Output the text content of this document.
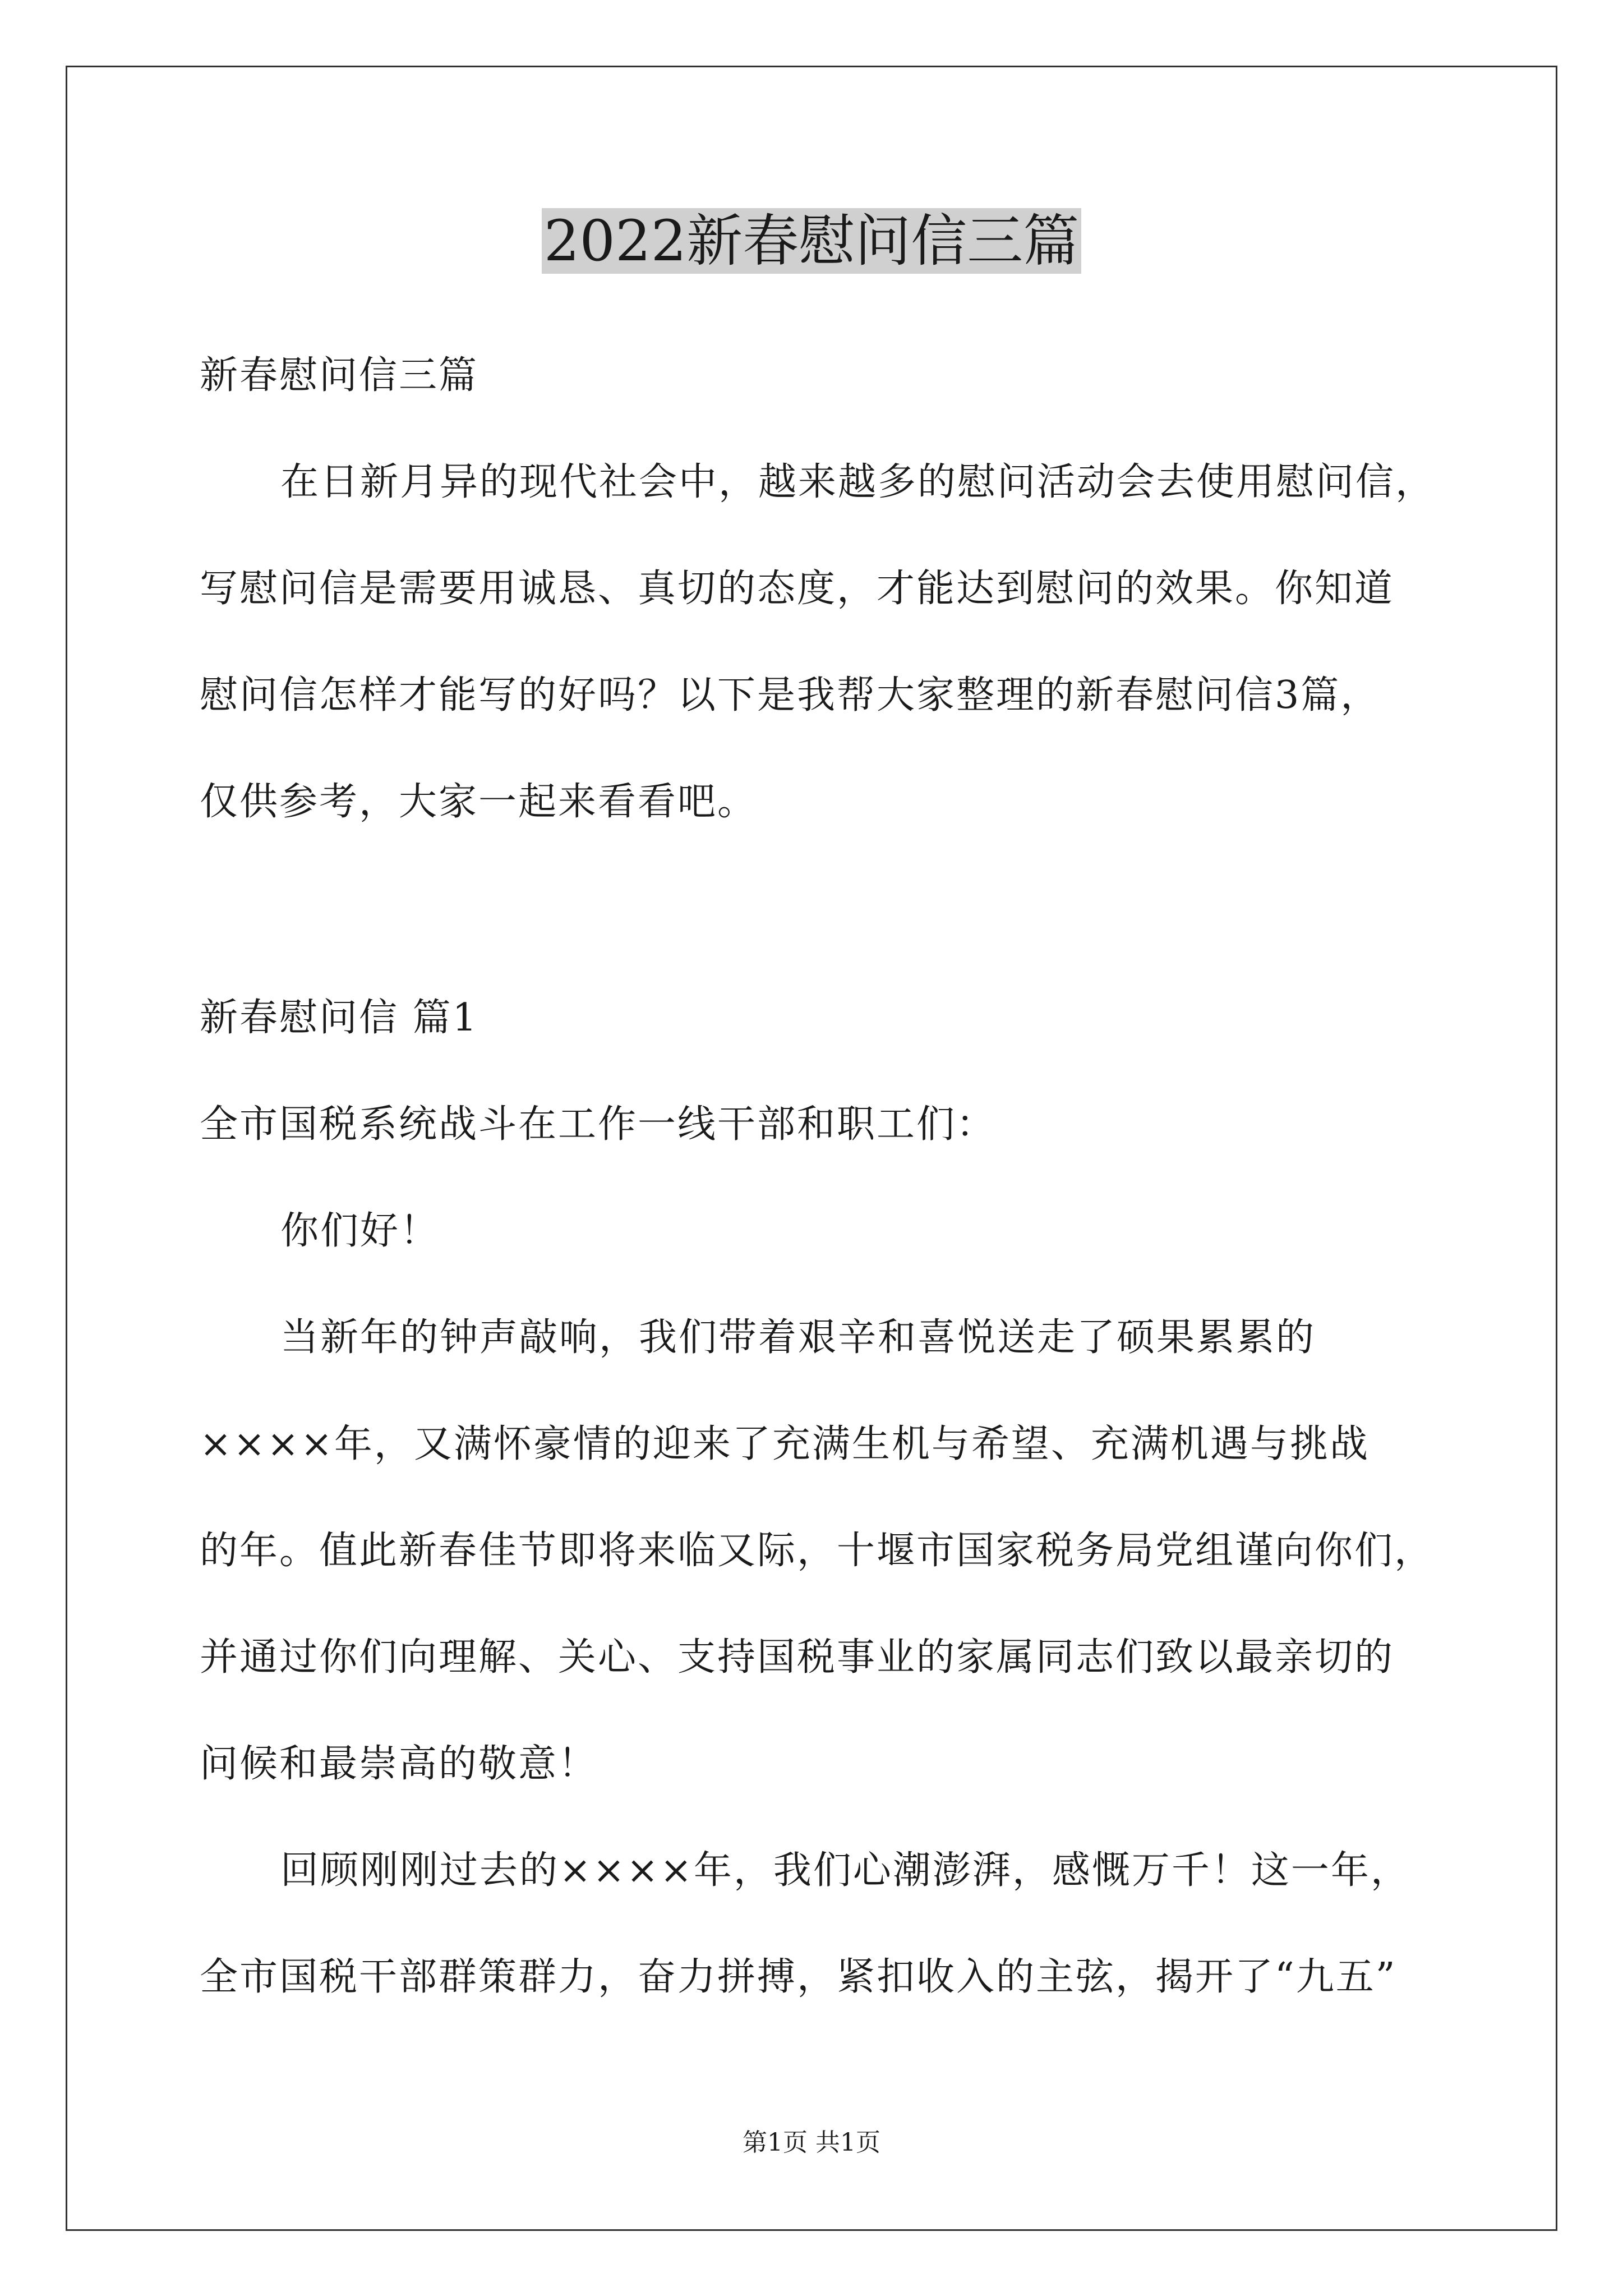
2022新春慰问信三篇
新春慰问信三篇
在日新月异的现代社会中，越来越多的慰问活动会去使用慰问信，
写慰问信是需要用诚恳、真切的态度，才能达到慰问的效果。你知道
慰问信怎样才能写的好吗？以下是我帮大家整理的新春慰问信3篇，
仅供参考，大家一起来看看吧。
新春慰问信 篇1
全市国税系统战斗在工作一线干部和职工们：
你们好！
当新年的钟声敲响，我们带着艰辛和喜悦送走了硕果累累的
××××年，又满怀豪情的迎来了充满生机与希望、充满机遇与挑战
的年。值此新春佳节即将来临又际，十堰市国家税务局党组谨向你们，
并通过你们向理解、关心、支持国税事业的家属同志们致以最亲切的
问候和最崇高的敬意！
回顾刚刚过去的××××年，我们心潮澎湃，感慨万千！这一年，
全市国税干部群策群力，奋力拼搏，紧扣收入的主弦，揭开了“九五”
第1页 共1页
